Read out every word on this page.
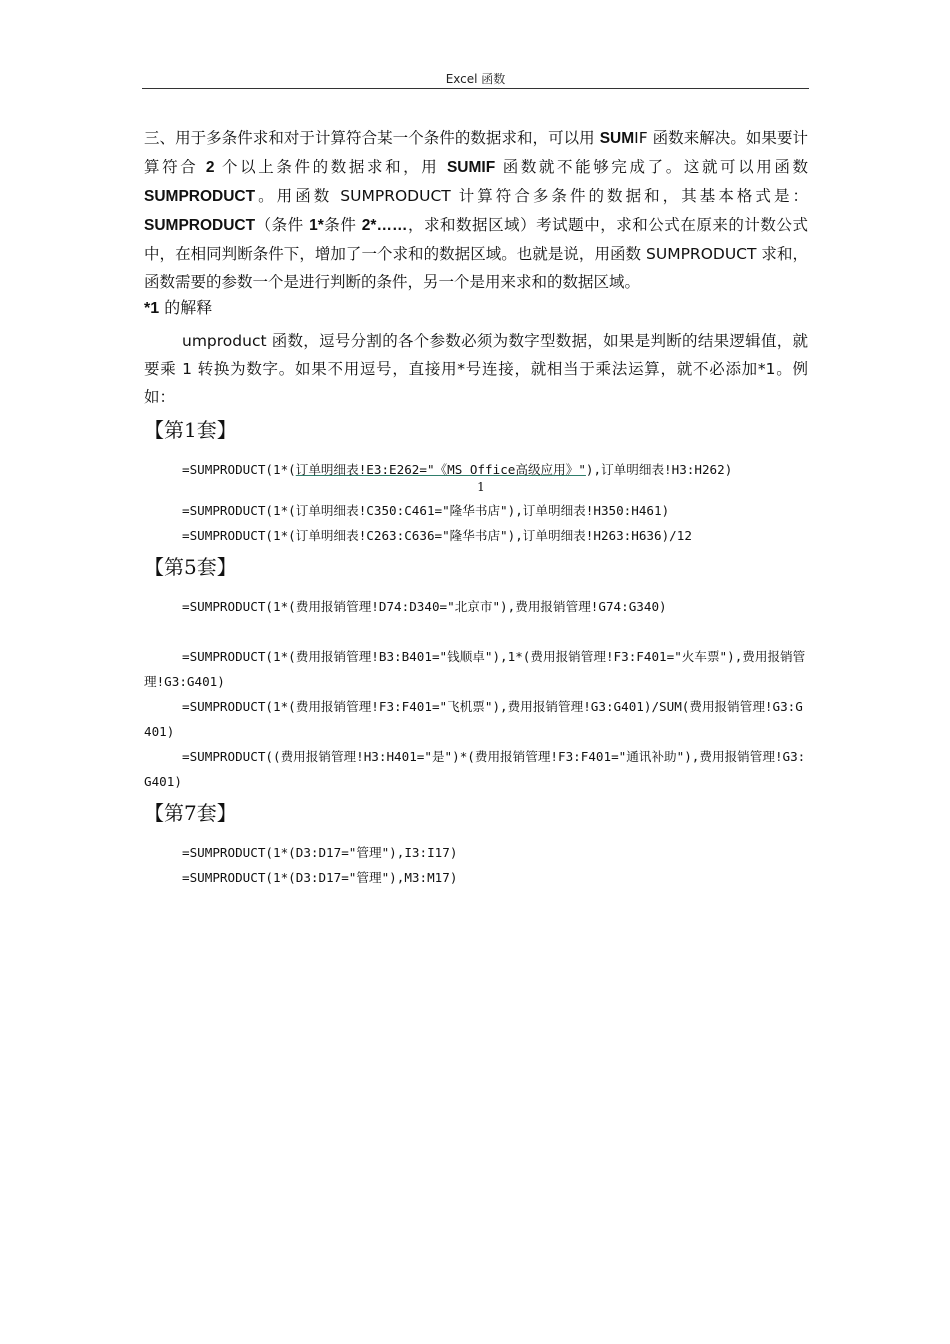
Excel 函数

三、用于多条件求和对于计算符合某一个条件的数据求和，可以用 SUMIF 函数来解决。如果要计算符合 2 个以上条件的数据求和，用 SUMIF 函数就不能够完成了。这就可以用函数 SUMPRODUCT。用函数 SUMPRODUCT 计算符合多条件的数据和，其基本格式是：SUMPRODUCT（条件 1*条件 2*……，求和数据区域）考试题中，求和公式在原来的计数公式中，在相同判断条件下，增加了一个求和的数据区域。也就是说，用函数 SUMPRODUCT 求和，函数需要的参数一个是进行判断的条件，另一个是用来求和的数据区域。

*1 的解释

umproduct 函数，逗号分割的各个参数必须为数字型数据，如果是判断的结果逻辑值，就要乘 1 转换为数字。如果不用逗号，直接用*号连接，就相当于乘法运算，就不必添加*1。例如：

【第1套】

=SUMPRODUCT(1*(订单明细表!E3:E262="《MS Office高级应用》"),订单明细表!H3:H262)

1

=SUMPRODUCT(1*(订单明细表!C350:C461="隆华书店"),订单明细表!H350:H461)

=SUMPRODUCT(1*(订单明细表!C263:C636="隆华书店"),订单明细表!H263:H636)/12

【第5套】

=SUMPRODUCT(1*(费用报销管理!D74:D340="北京市"),费用报销管理!G74:G340)

=SUMPRODUCT(1*(费用报销管理!B3:B401="钱顺卓"),1*(费用报销管理!F3:F401="火车票"),费用报销管理!G3:G401)

=SUMPRODUCT(1*(费用报销管理!F3:F401="飞机票"),费用报销管理!G3:G401)/SUM(费用报销管理!G3:G401)

=SUMPRODUCT((费用报销管理!H3:H401="是")*(费用报销管理!F3:F401="通讯补助"),费用报销管理!G3:G401)

【第7套】

=SUMPRODUCT(1*(D3:D17="管理"),I3:I17)

=SUMPRODUCT(1*(D3:D17="管理"),M3:M17)
